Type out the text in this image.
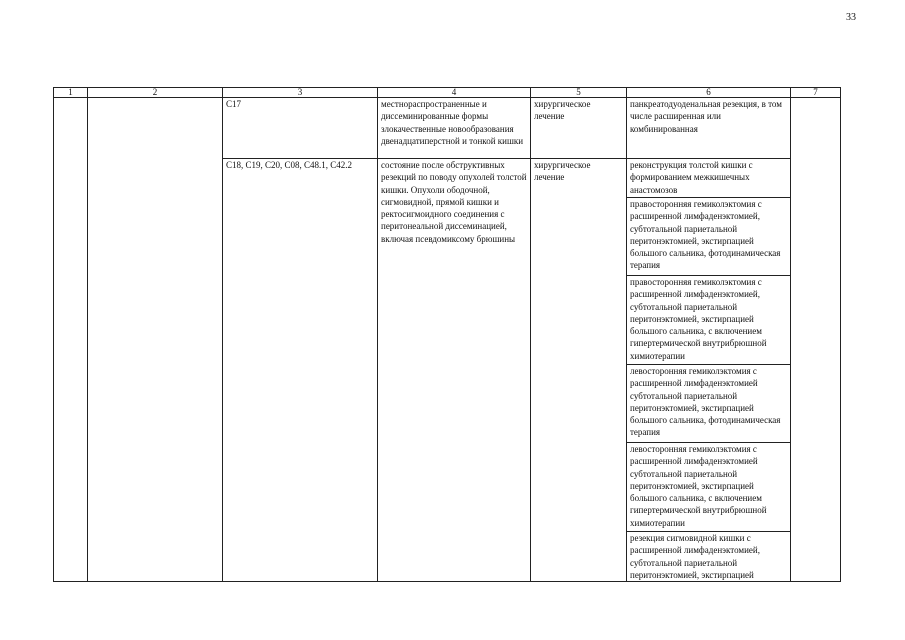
33
1	2	3	4	5	6	7

		C17	местнораспространенные и диссеминированные формы злокачественные новообразования двенадцатиперстной и тонкой кишки	хирургическое лечение	панкреатодуоденальная резекция, в том числе расширенная или комбинированная	

		C18, C19, C20, C08, C48.1, C42.2	состояние после обструктивных резекций по поводу опухолей толстой кишки. Опухоли ободочной, сигмовидной, прямой кишки и ректосигмоидного соединения с перитонеальной диссеминацией, включая псевдомиксому брюшины	хирургическое лечение	реконструкция толстой кишки с формированием межкишечных анастомозов	

					правосторонняя гемиколэктомия с расширенной лимфаденэктомией, субтотальной париетальной перитонэктомией, экстирпацией большого сальника, фотодинамическая терапия	

					правосторонняя гемиколэктомия с расширенной лимфаденэктомией, субтотальной париетальной перитонэктомией, экстирпацией большого сальника, с включением гипертермической внутрибрюшной химиотерапии	

					левосторонняя гемиколэктомия с расширенной лимфаденэктомией субтотальной париетальной перитонэктомией, экстирпацией большого сальника, фотодинамическая терапия	

					левосторонняя гемиколэктомия с расширенной лимфаденэктомией субтотальной париетальной перитонэктомией, экстирпацией большого сальника, с включением гипертермической внутрибрюшной химиотерапии	

					резекция сигмовидной кишки с расширенной лимфаденэктомией, субтотальной париетальной перитонэктомией, экстирпацией	
